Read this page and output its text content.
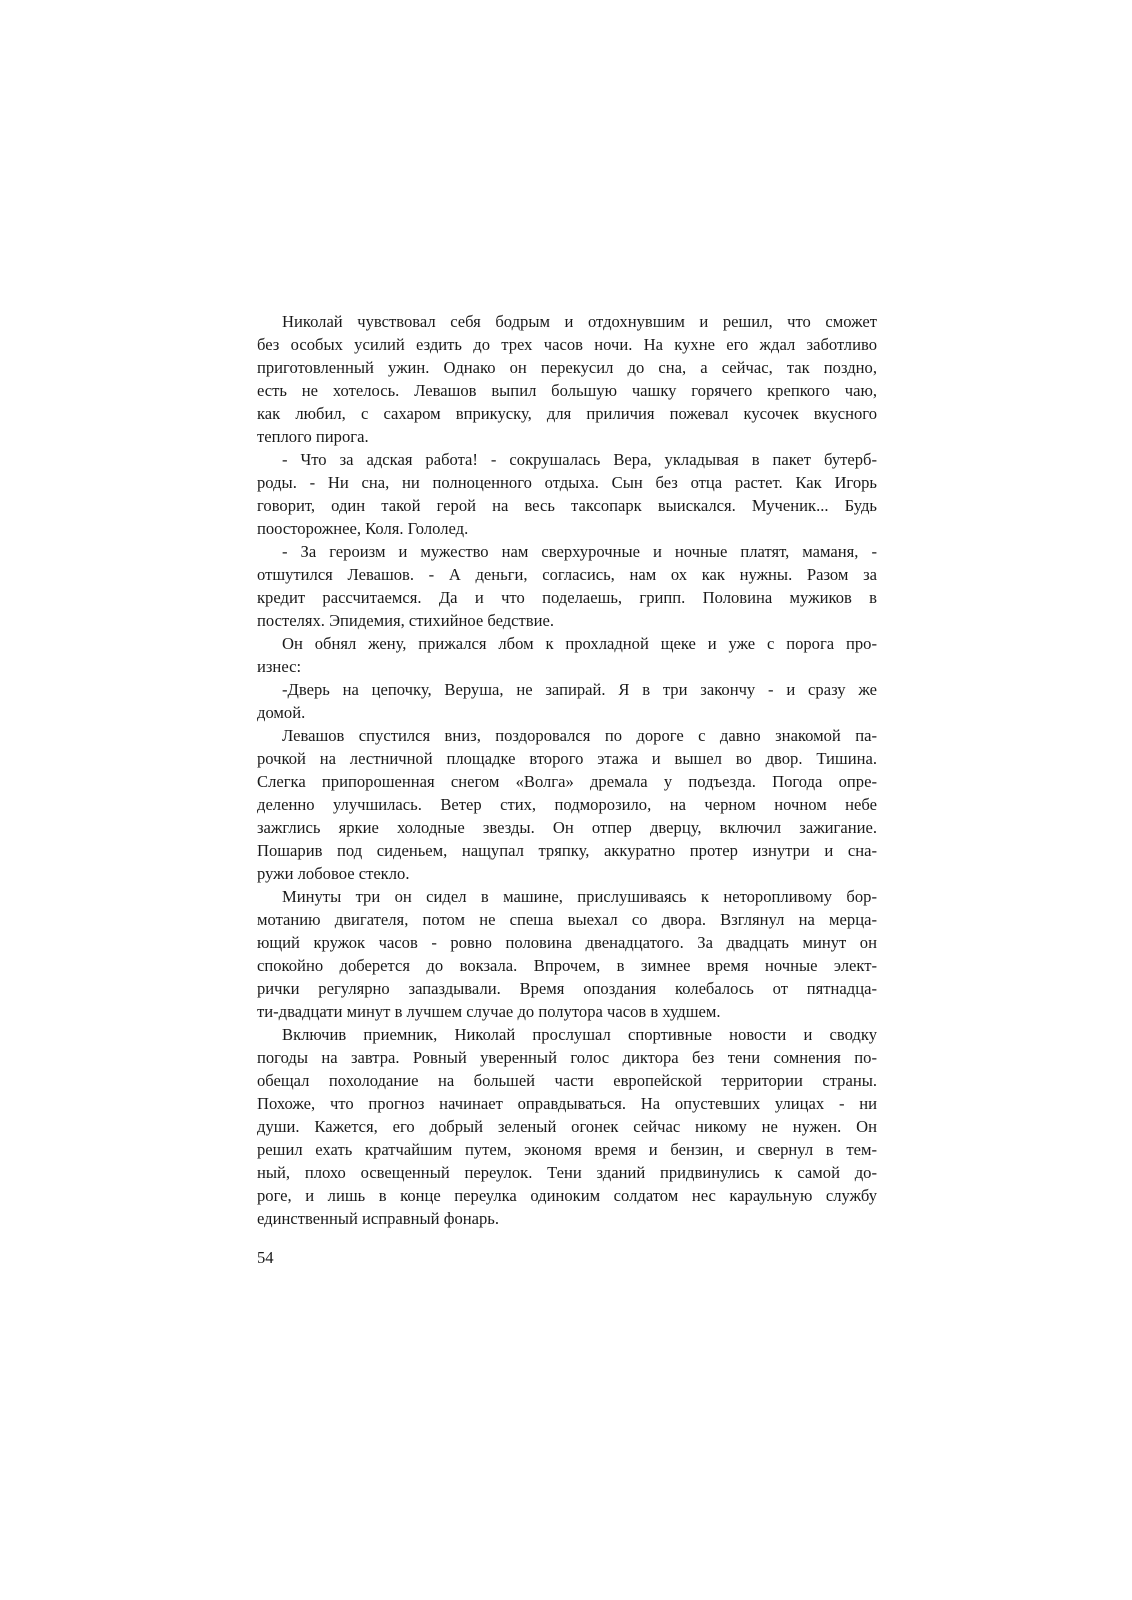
Николай чувствовал себя бодрым и отдохнувшим и решил, что сможет
без особых усилий ездить до трех часов ночи. На кухне его ждал заботливо
приготовленный ужин. Однако он перекусил до сна, а сейчас, так поздно,
есть не хотелось. Левашов выпил большую чашку горячего крепкого чаю,
как любил, с сахаром вприкуску, для приличия пожевал кусочек вкусного
теплого пирога.
- Что за адская работа! - сокрушалась Вера, укладывая в пакет бутерб-
роды. - Ни сна, ни полноценного отдыха. Сын без отца растет. Как Игорь
говорит, один такой герой на весь таксопарк выискался. Мученик... Будь
поосторожнее, Коля. Гололед.
- За героизм и мужество нам сверхурочные и ночные платят, маманя, -
отшутился Левашов. - А деньги, согласись, нам ох как нужны. Разом за
кредит рассчитаемся. Да и что поделаешь, грипп. Половина мужиков в
постелях. Эпидемия, стихийное бедствие.
Он обнял жену, прижался лбом к прохладной щеке и уже с порога про-
изнес:
-Дверь на цепочку, Веруша, не запирай. Я в три закончу - и сразу же
домой.
Левашов спустился вниз, поздоровался по дороге с давно знакомой па-
рочкой на лестничной площадке второго этажа и вышел во двор. Тишина.
Слегка припорошенная снегом «Волга» дремала у подъезда. Погода опре-
деленно улучшилась. Ветер стих, подморозило, на черном ночном небе
зажглись яркие холодные звезды. Он отпер дверцу, включил зажигание.
Пошарив под сиденьем, нащупал тряпку, аккуратно протер изнутри и сна-
ружи лобовое стекло.
Минуты три он сидел в машине, прислушиваясь к неторопливому бор-
мотанию двигателя, потом не спеша выехал со двора. Взглянул на мерца-
ющий кружок часов - ровно половина двенадцатого. За двадцать минут он
спокойно доберется до вокзала. Впрочем, в зимнее время ночные элект-
рички регулярно запаздывали. Время опоздания колебалось от пятнадца-
ти-двадцати минут в лучшем случае до полутора часов в худшем.
Включив приемник, Николай прослушал спортивные новости и сводку
погоды на завтра. Ровный уверенный голос диктора без тени сомнения по-
обещал похолодание на большей части европейской территории страны.
Похоже, что прогноз начинает оправдываться. На опустевших улицах - ни
души. Кажется, его добрый зеленый огонек сейчас никому не нужен. Он
решил ехать кратчайшим путем, экономя время и бензин, и свернул в тем-
ный, плохо освещенный переулок. Тени зданий придвинулись к самой до-
роге, и лишь в конце переулка одиноким солдатом нес караульную службу
единственный исправный фонарь.
54
